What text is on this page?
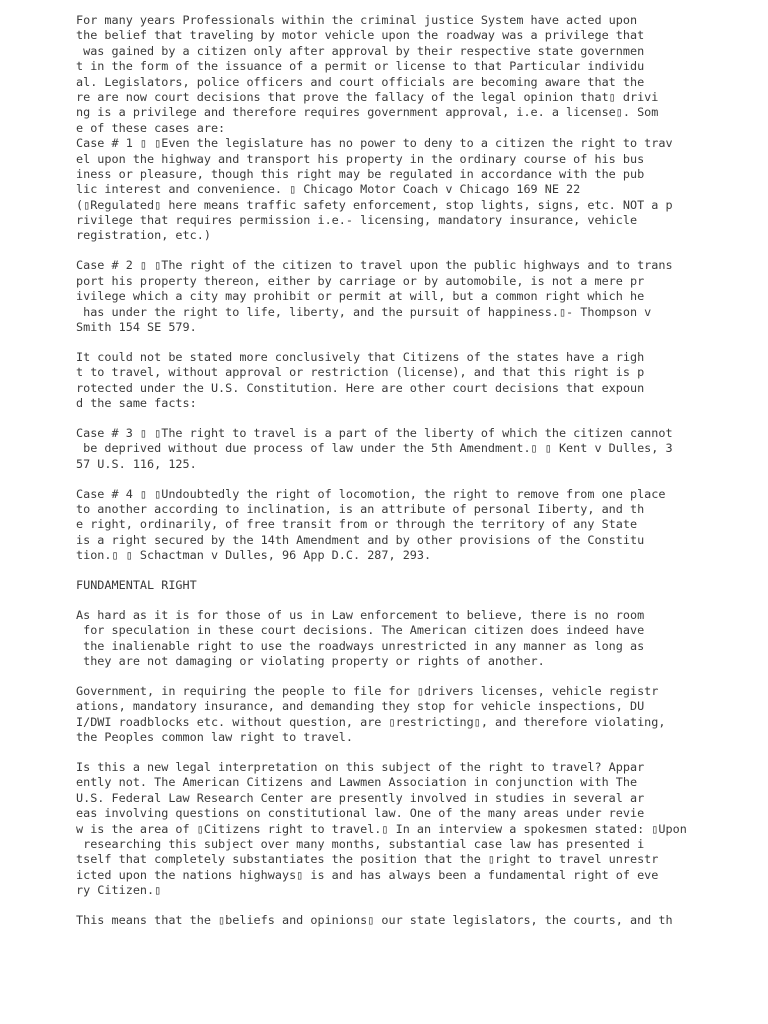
For many years Professionals within the criminal justice System have acted upon
the belief that traveling by motor vehicle upon the roadway was a privilege that
was gained by a citizen only after approval by their respective state governmen
t in the form of the issuance of a permit or license to that Particular individu
al. Legislators, police officers and court officials are becoming aware that the
re are now court decisions that prove the fallacy of the legal opinion that▯ drivi
ng is a privilege and therefore requires government approval, i.e. a license▯. Som
e of these cases are:
Case # 1 ▯ ▯Even the legislature has no power to deny to a citizen the right to trav
el upon the highway and transport his property in the ordinary course of his bus
iness or pleasure, though this right may be regulated in accordance with the pub
lic interest and convenience. ▯ Chicago Motor Coach v Chicago 169 NE 22
(▯Regulated▯ here means traffic safety enforcement, stop lights, signs, etc. NOT a p
rivilege that requires permission i.e.- licensing, mandatory insurance, vehicle
registration, etc.)
Case # 2 ▯ ▯The right of the citizen to travel upon the public highways and to trans
port his property thereon, either by carriage or by automobile, is not a mere pr
ivilege which a city may prohibit or permit at will, but a common right which he
has under the right to life, liberty, and the pursuit of happiness.▯- Thompson v
Smith 154 SE 579.
It could not be stated more conclusively that Citizens of the states have a righ
t to travel, without approval or restriction (license), and that this right is p
rotected under the U.S. Constitution. Here are other court decisions that expoun
d the same facts:
Case # 3 ▯ ▯The right to travel is a part of the liberty of which the citizen cannot
be deprived without due process of law under the 5th Amendment.▯ ▯ Kent v Dulles, 3
57 U.S. 116, 125.
Case # 4 ▯ ▯Undoubtedly the right of locomotion, the right to remove from one place
to another according to inclination, is an attribute of personal Iiberty, and th
e right, ordinarily, of free transit from or through the territory of any State
is a right secured by the 14th Amendment and by other provisions of the Constitu
tion.▯ ▯ Schactman v Dulles, 96 App D.C. 287, 293.
FUNDAMENTAL RIGHT
As hard as it is for those of us in Law enforcement to believe, there is no room
for speculation in these court decisions. The American citizen does indeed have
the inalienable right to use the roadways unrestricted in any manner as long as
they are not damaging or violating property or rights of another.
Government, in requiring the people to file for ▯drivers licenses, vehicle registr
ations, mandatory insurance, and demanding they stop for vehicle inspections, DU
I/DWI roadblocks etc. without question, are ▯restricting▯, and therefore violating,
the Peoples common law right to travel.
Is this a new legal interpretation on this subject of the right to travel? Appar
ently not. The American Citizens and Lawmen Association in conjunction with The
U.S. Federal Law Research Center are presently involved in studies in several ar
eas involving questions on constitutional law. One of the many areas under revie
w is the area of ▯Citizens right to travel.▯ In an interview a spokesmen stated: ▯Upon
researching this subject over many months, substantial case law has presented i
tself that completely substantiates the position that the ▯right to travel unrestr
icted upon the nations highways▯ is and has always been a fundamental right of eve
ry Citizen.▯
This means that the ▯beliefs and opinions▯ our state legislators, the courts, and th
